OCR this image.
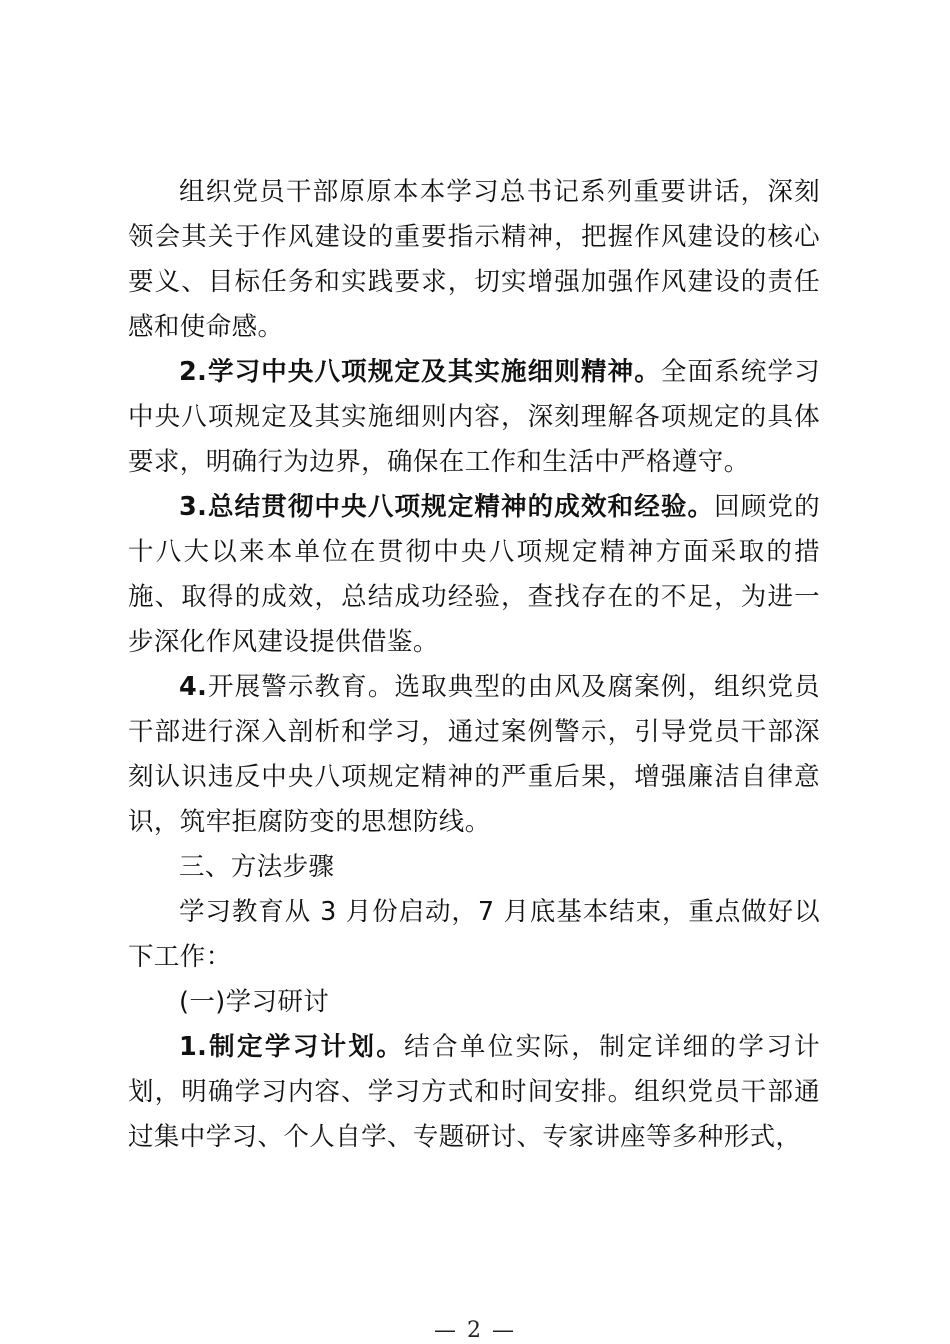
组织党员干部原原本本学习总书记系列重要讲话，深刻领会其关于作风建设的重要指示精神，把握作风建设的核心要义、目标任务和实践要求，切实增强加强作风建设的责任感和使命感。

2.学习中央八项规定及其实施细则精神。全面系统学习中央八项规定及其实施细则内容，深刻理解各项规定的具体要求，明确行为边界，确保在工作和生活中严格遵守。

3.总结贯彻中央八项规定精神的成效和经验。回顾党的十八大以来本单位在贯彻中央八项规定精神方面采取的措施、取得的成效，总结成功经验，查找存在的不足，为进一步深化作风建设提供借鉴。

4.开展警示教育。选取典型的由风及腐案例，组织党员干部进行深入剖析和学习，通过案例警示，引导党员干部深刻认识违反中央八项规定精神的严重后果，增强廉洁自律意识，筑牢拒腐防变的思想防线。

三、方法步骤

学习教育从 3 月份启动，7 月底基本结束，重点做好以下工作：

(一)学习研讨

1.制定学习计划。结合单位实际，制定详细的学习计划，明确学习内容、学习方式和时间安排。组织党员干部通过集中学习、个人自学、专题研讨、专家讲座等多种形式，

— 2 —
